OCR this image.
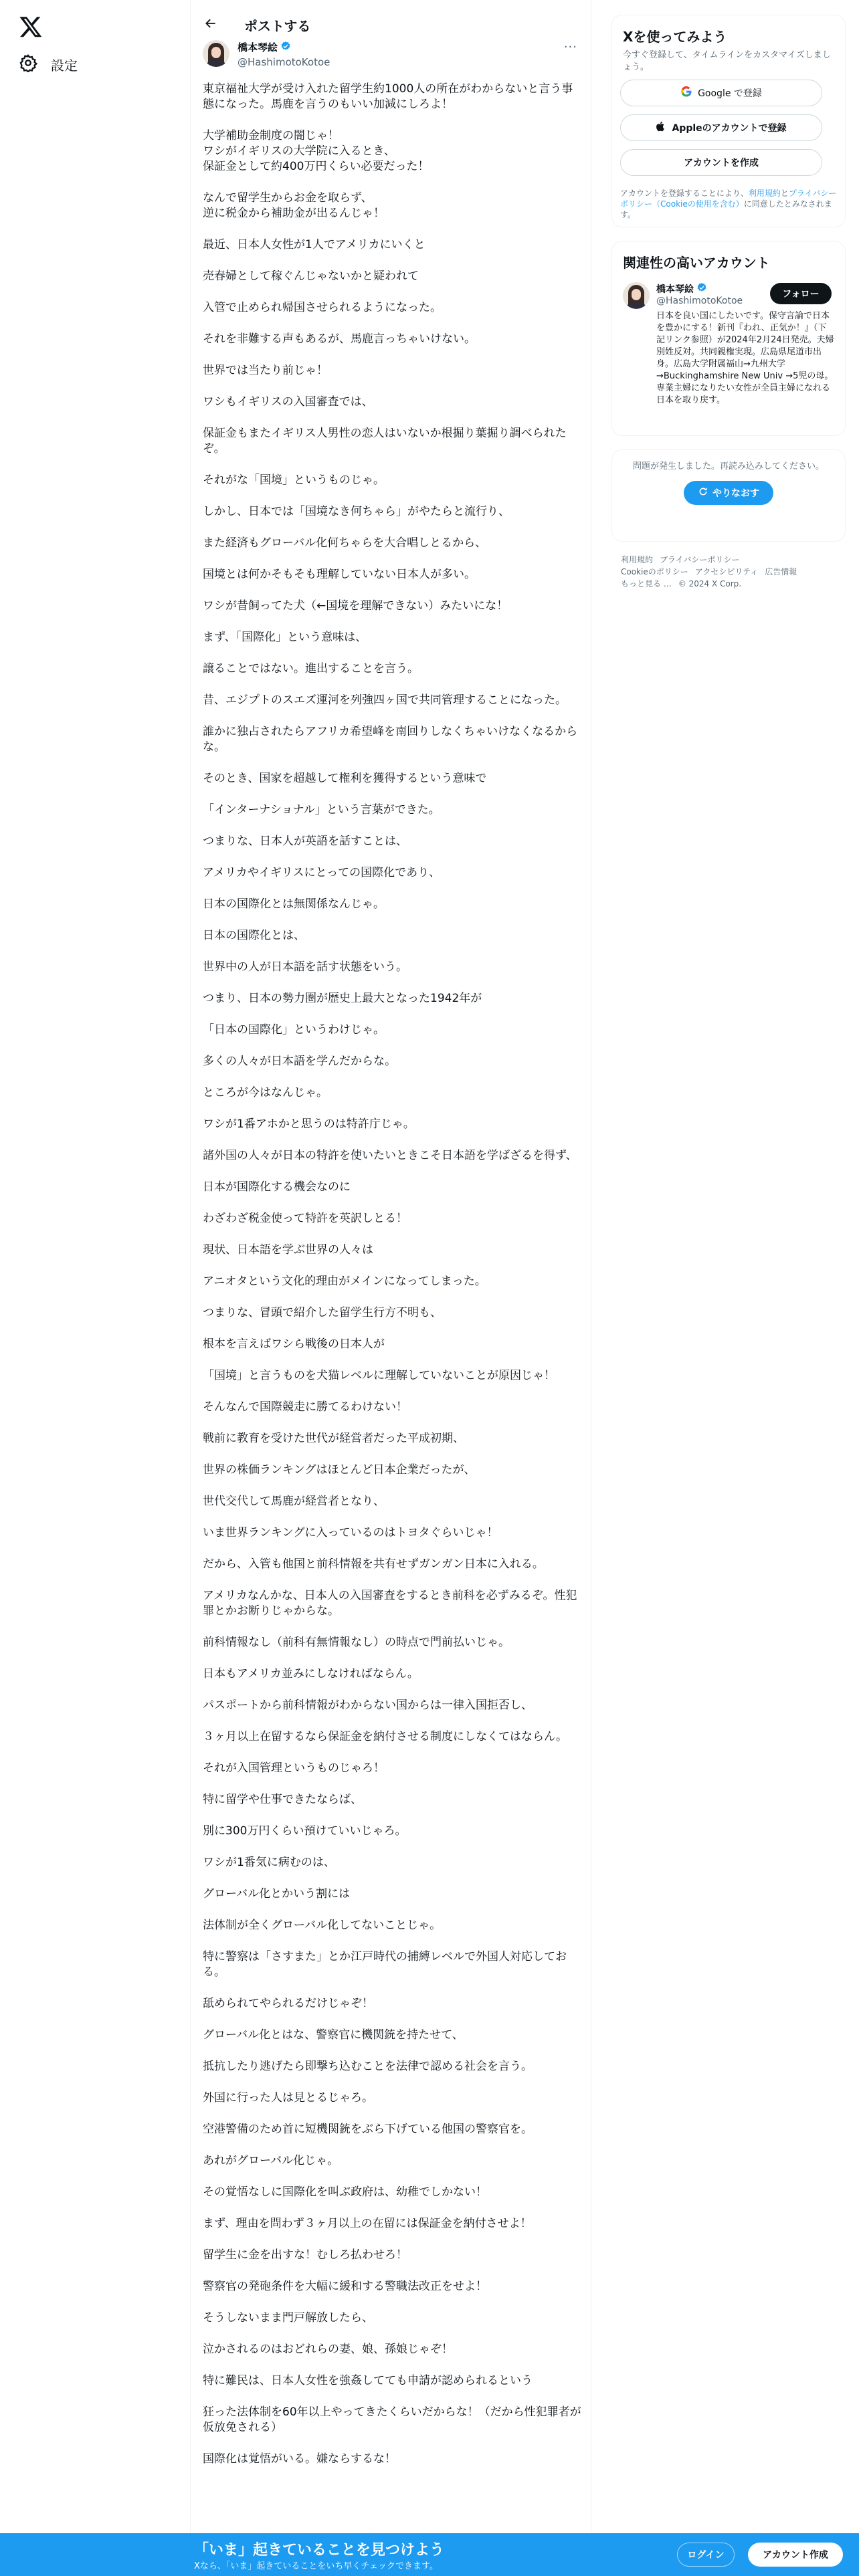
設定
ポストする
橋本琴絵
@HashimotoKotoe
···

東京福祉大学が受け入れた留学生約1000人の所在がわからないと言う事態になった。馬鹿を言うのもいい加減にしろよ！

大学補助金制度の闇じゃ！
ワシがイギリスの大学院に入るとき、
保証金として約400万円くらい必要だった！

なんで留学生からお金を取らず、
逆に税金から補助金が出るんじゃ！

最近、日本人女性が1人でアメリカにいくと

売春婦として稼ぐんじゃないかと疑われて

入管で止められ帰国させられるようになった。

それを非難する声もあるが、馬鹿言っちゃいけない。

世界では当たり前じゃ！

ワシもイギリスの入国審査では、

保証金もまたイギリス人男性の恋人はいないか根掘り葉掘り調べられたぞ。

それがな「国境」というものじゃ。

しかし、日本では「国境なき何ちゃら」がやたらと流行り、

また経済もグローバル化何ちゃらを大合唱しとるから、

国境とは何かそもそも理解していない日本人が多い。

ワシが昔飼ってた犬（←国境を理解できない）みたいにな！

まず、「国際化」という意味は、

譲ることではない。進出することを言う。

昔、エジプトのスエズ運河を列強四ヶ国で共同管理することになった。

誰かに独占されたらアフリカ希望峰を南回りしなくちゃいけなくなるからな。

そのとき、国家を超越して権利を獲得するという意味で

「インターナショナル」という言葉ができた。

つまりな、日本人が英語を話すことは、

アメリカやイギリスにとっての国際化であり、

日本の国際化とは無関係なんじゃ。

日本の国際化とは、

世界中の人が日本語を話す状態をいう。

つまり、日本の勢力圏が歴史上最大となった1942年が

「日本の国際化」というわけじゃ。

多くの人々が日本語を学んだからな。

ところが今はなんじゃ。

ワシが1番アホかと思うのは特許庁じゃ。

諸外国の人々が日本の特許を使いたいときこそ日本語を学ばざるを得ず、

日本が国際化する機会なのに

わざわざ税金使って特許を英訳しとる！

現状、日本語を学ぶ世界の人々は

アニオタという文化的理由がメインになってしまった。

つまりな、冒頭で紹介した留学生行方不明も、

根本を言えばワシら戦後の日本人が

「国境」と言うものを犬猫レベルに理解していないことが原因じゃ！

そんなんで国際競走に勝てるわけない！

戦前に教育を受けた世代が経営者だった平成初期、

世界の株価ランキングはほとんど日本企業だったが、

世代交代して馬鹿が経営者となり、

いま世界ランキングに入っているのはトヨタぐらいじゃ！

だから、入管も他国と前科情報を共有せずガンガン日本に入れる。

アメリカなんかな、日本人の入国審査をするとき前科を必ずみるぞ。性犯罪とかお断りじゃからな。

前科情報なし（前科有無情報なし）の時点で門前払いじゃ。

日本もアメリカ並みにしなければならん。

パスポートから前科情報がわからない国からは一律入国拒否し、

３ヶ月以上在留するなら保証金を納付させる制度にしなくてはならん。

それが入国管理というものじゃろ！

特に留学や仕事できたならば、

別に300万円くらい預けていいじゃろ。

ワシが1番気に病むのは、

グローバル化とかいう割には

法体制が全くグローバル化してないことじゃ。

特に警察は「さすまた」とか江戸時代の捕縛レベルで外国人対応しておる。

舐められてやられるだけじゃぞ！

グローバル化とはな、警察官に機関銃を持たせて、

抵抗したり逃げたら即撃ち込むことを法律で認める社会を言う。

外国に行った人は見とるじゃろ。

空港警備のため首に短機関銃をぶら下げている他国の警察官を。

あれがグローバル化じゃ。

その覚悟なしに国際化を叫ぶ政府は、幼稚でしかない！

まず、理由を問わず３ヶ月以上の在留には保証金を納付させよ！

留学生に金を出すな！むしろ払わせろ！

警察官の発砲条件を大幅に緩和する警職法改正をせよ！

そうしないまま門戸解放したら、

泣かされるのはおどれらの妻、娘、孫娘じゃぞ！

特に難民は、日本人女性を強姦してても申請が認められるという

狂った法体制を60年以上やってきたくらいだからな！（だから性犯罪者が仮放免される）

国際化は覚悟がいる。嫌ならするな！

Xを使ってみよう

今すぐ登録して、タイムラインをカスタマイズしましょう。

Google で登録
Appleのアカウントで登録
アカウントを作成

アカウントを登録することにより、利用規約とプライバシーポリシー（Cookieの使用を含む）に同意したとみなされます。

関連性の高いアカウント
橋本琴絵
@HashimotoKotoe

日本を良い国にしたいです。保守言論で日本を豊かにする！新刊『われ、正気か！』（下記リンク参照）が2024年2月24日発売。夫婦別姓反対。共同親権実現。広島県尾道市出身。広島大学附属福山→九州大学→Buckinghamshire New Univ →5児の母。専業主婦になりたい女性が全員主婦になれる日本を取り戻す。

フォロー

問題が発生しました。再読み込みしてください。

やりなおす
利用規約 プライバシーポリシー
Cookieのポリシー アクセシビリティ 広告情報
もっと見る … © 2024 X Corp.
「いま」起きていることを見つけよう
Xなら、「いま」起きていることをいち早くチェックできます。
ログイン	アカウント作成
